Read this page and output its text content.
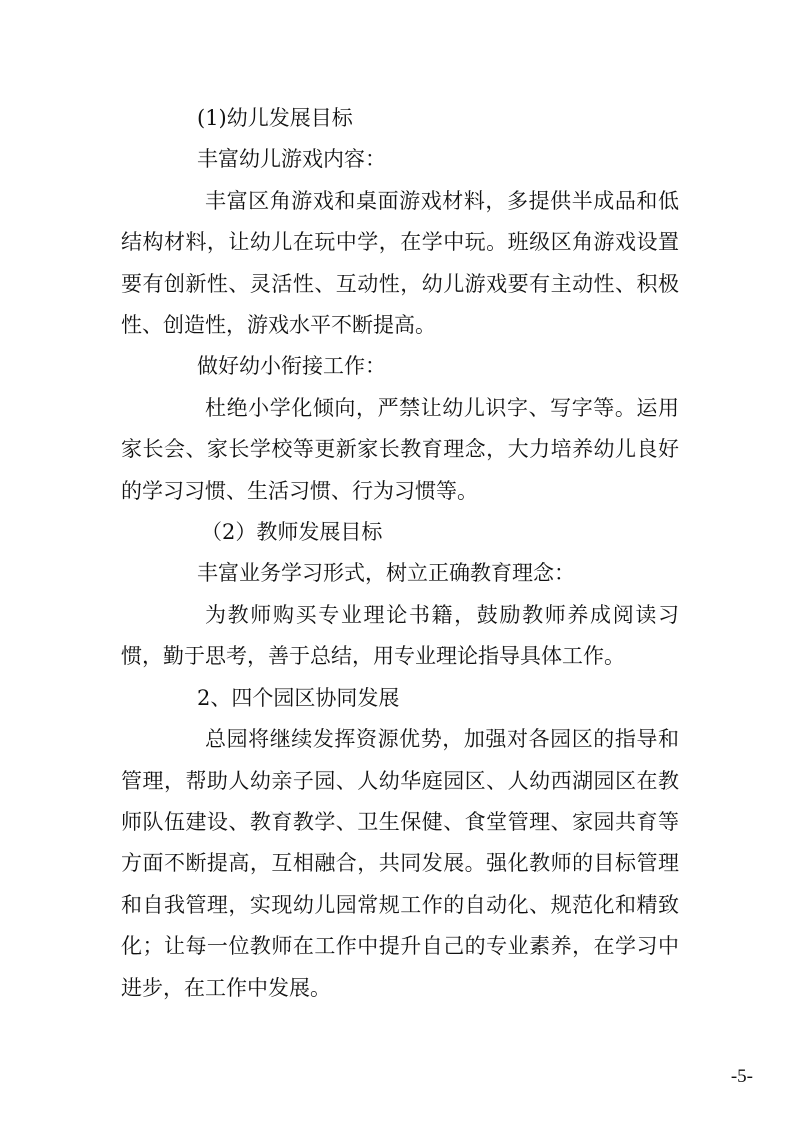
(1)幼儿发展目标

丰富幼儿游戏内容：

丰富区角游戏和桌面游戏材料，多提供半成品和低结构材料，让幼儿在玩中学，在学中玩。班级区角游戏设置要有创新性、灵活性、互动性，幼儿游戏要有主动性、积极性、创造性，游戏水平不断提高。

做好幼小衔接工作：

杜绝小学化倾向，严禁让幼儿识字、写字等。运用家长会、家长学校等更新家长教育理念，大力培养幼儿良好的学习习惯、生活习惯、行为习惯等。

（2）教师发展目标

丰富业务学习形式，树立正确教育理念：

为教师购买专业理论书籍，鼓励教师养成阅读习惯，勤于思考，善于总结，用专业理论指导具体工作。

2、四个园区协同发展

总园将继续发挥资源优势，加强对各园区的指导和管理，帮助人幼亲子园、人幼华庭园区、人幼西湖园区在教师队伍建设、教育教学、卫生保健、食堂管理、家园共育等方面不断提高，互相融合，共同发展。强化教师的目标管理和自我管理，实现幼儿园常规工作的自动化、规范化和精致化；让每一位教师在工作中提升自己的专业素养，在学习中进步，在工作中发展。

-5-
